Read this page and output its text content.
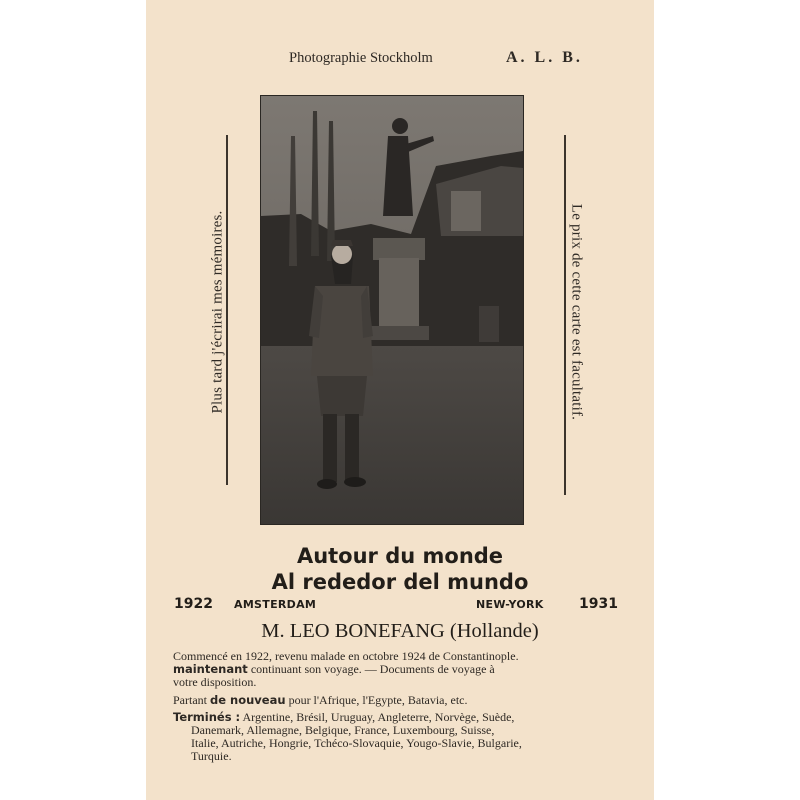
Photographie Stockholm	A. L. B.
Plus tard j'écrirai mes mémoires.	Le prix de cette carte est facultatif.
Autour du monde
Al rededor del mundo
1922 AMSTERDAM	NEW-YORK	1931
M. LEO BONEFANG (Hollande)

Commencé en 1922, revenu malade en octobre 1924 de Constantinople.
maintenant continuant son voyage. — Documents de voyage à
votre disposition.

Partant de nouveau pour l'Afrique, l'Egypte, Batavia, etc.

Terminés : Argentine, Brésil, Uruguay, Angleterre, Norvège, Suède,
Danemark, Allemagne, Belgique, France, Luxembourg, Suisse,
Italie, Autriche, Hongrie, Tchéco-Slovaquie, Yougo-Slavie, Bulgarie,
Turquie.
